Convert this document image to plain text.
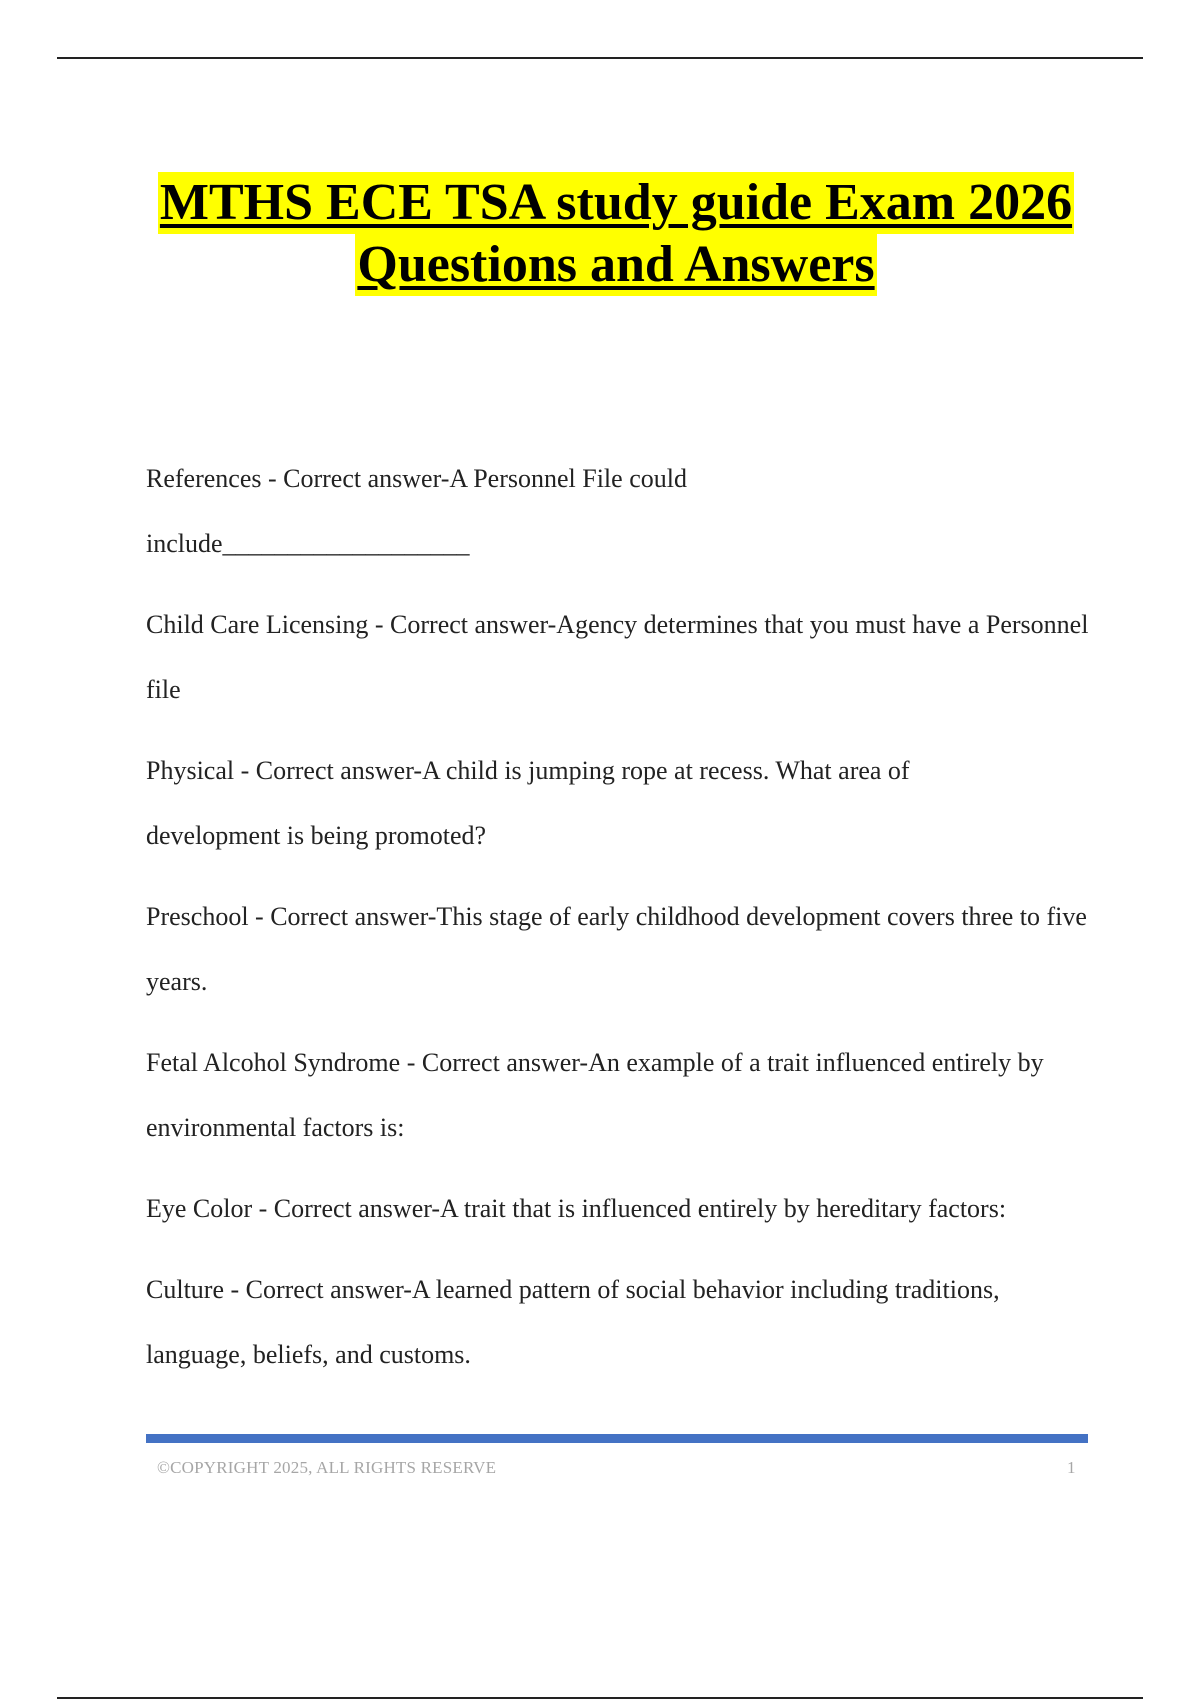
MTHS ECE TSA study guide Exam 2026
Questions and Answers
References - Correct answer-A Personnel File could include___________________
Child Care Licensing - Correct answer-Agency determines that you must have a Personnel file
Physical - Correct answer-A child is jumping rope at recess. What area of development is being promoted?
Preschool - Correct answer-This stage of early childhood development covers three to five years.
Fetal Alcohol Syndrome - Correct answer-An example of a trait influenced entirely by environmental factors is:
Eye Color - Correct answer-A trait that is influenced entirely by hereditary factors:
Culture - Correct answer-A learned pattern of social behavior including traditions, language, beliefs, and customs.
©COPYRIGHT 2025, ALL RIGHTS RESERVE	1
